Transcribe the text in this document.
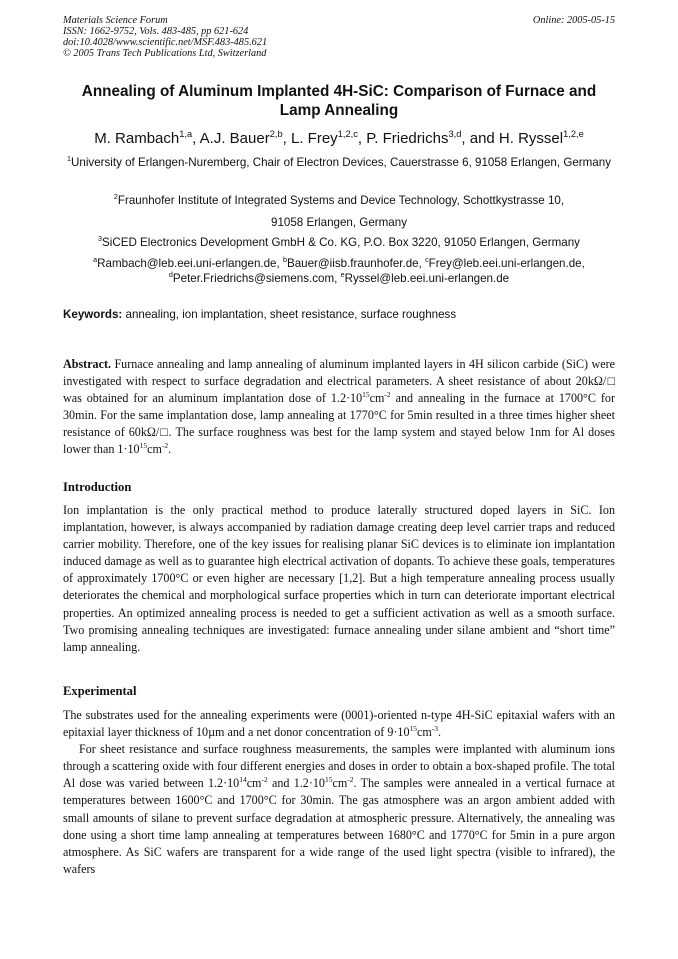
Materials Science Forum
ISSN: 1662-9752, Vols. 483-485, pp 621-624
doi:10.4028/www.scientific.net/MSF.483-485.621
© 2005 Trans Tech Publications Ltd, Switzerland
Online: 2005-05-15
Annealing of Aluminum Implanted 4H-SiC: Comparison of Furnace and Lamp Annealing
M. Rambach$^{1,a}$, A.J. Bauer$^{2,b}$, L. Frey$^{1,2,c}$, P. Friedrichs$^{3,d}$, and H. Ryssel$^{1,2,e}$
$^1$University of Erlangen-Nuremberg, Chair of Electron Devices, Cauerstrasse 6, 91058 Erlangen, Germany
$^2$Fraunhofer Institute of Integrated Systems and Device Technology, Schottkystrasse 10,
91058 Erlangen, Germany
$^3$SiCED Electronics Development GmbH & Co. KG, P.O. Box 3220, 91050 Erlangen, Germany
$^a$Rambach@leb.eei.uni-erlangen.de, $^b$Bauer@iisb.fraunhofer.de, $^c$Frey@leb.eei.uni-erlangen.de,
$^d$Peter.Friedrichs@siemens.com, $^e$Ryssel@leb.eei.uni-erlangen.de
Keywords: annealing, ion implantation, sheet resistance, surface roughness

Abstract. Furnace annealing and lamp annealing of aluminum implanted layers in 4H silicon carbide (SiC) were investigated with respect to surface degradation and electrical parameters. A sheet resistance of about 20kΩ/□ was obtained for an aluminum implantation dose of $1.2\cdot 10^{15}cm^{-2}$ and annealing in the furnace at 1700°C for 30min. For the same implantation dose, lamp annealing at 1770°C for 5min resulted in a three times higher sheet resistance of 60kΩ/□. The surface roughness was best for the lamp system and stayed below 1nm for Al doses lower than $1\cdot 10^{15}cm^{-2}$.

Introduction

Ion implantation is the only practical method to produce laterally structured doped layers in SiC. Ion implantation, however, is always accompanied by radiation damage creating deep level carrier traps and reduced carrier mobility. Therefore, one of the key issues for realising planar SiC devices is to eliminate ion implantation induced damage as well as to guarantee high electrical activation of dopants. To achieve these goals, temperatures of approximately 1700°C or even higher are necessary [1,2]. But a high temperature annealing process usually deteriorates the chemical and morphological surface properties which in turn can deteriorate important electrical properties. An optimized annealing process is needed to get a sufficient activation as well as a smooth surface. Two promising annealing techniques are investigated: furnace annealing under silane ambient and “short time” lamp annealing.

Experimental

The substrates used for the annealing experiments were (0001)-oriented n-type 4H-SiC epitaxial wafers with an epitaxial layer thickness of 10µm and a net donor concentration of $9\cdot 10^{15}cm^{-3}$.

For sheet resistance and surface roughness measurements, the samples were implanted with aluminum ions through a scattering oxide with four different energies and doses in order to obtain a box-shaped profile. The total Al dose was varied between $1.2\cdot 10^{14}cm^{-2}$ and $1.2\cdot 10^{15}cm^{-2}$. The samples were annealed in a vertical furnace at temperatures between 1600°C and 1700°C for 30min. The gas atmosphere was an argon ambient added with small amounts of silane to prevent surface degradation at atmospheric pressure. Alternatively, the annealing was done using a short time lamp annealing at temperatures between 1680°C and 1770°C for 5min in a pure argon atmosphere. As SiC wafers are transparent for a wide range of the used light spectra (visible to infrared), the wafers
